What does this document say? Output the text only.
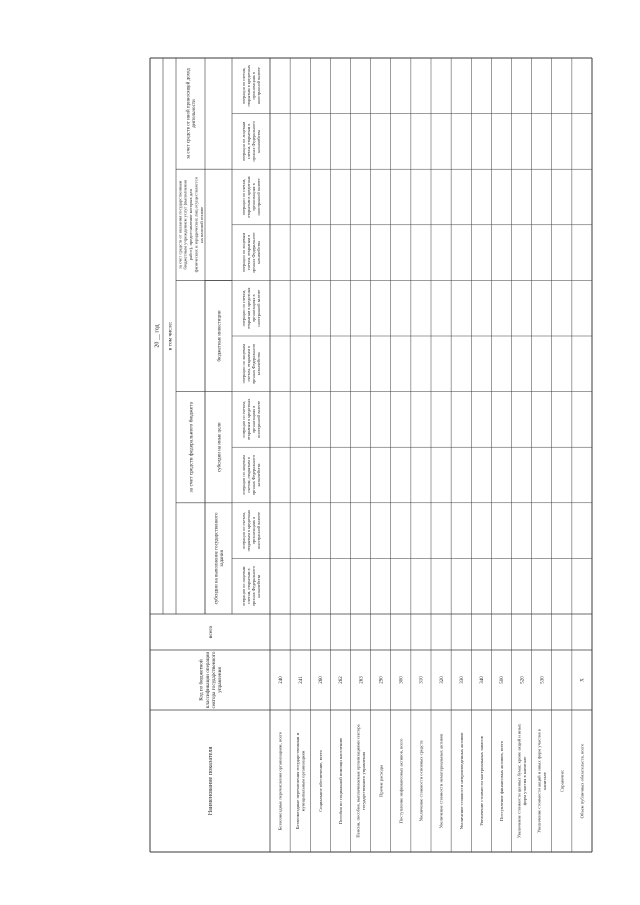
Наименование показателя
Код по бюджетнойклассификации операциисектора государственногоуправления
всего
20 __ год в том числе:
за счет средств от иной приносящей доходдеятельности
за счет средств от оказания государственнымбюджетным учреждением услуг (выполненияработ), предоставление которых дляфизических и юридических лиц осуществляетсяна платной основе
за счет средств федерального бюджета
бюджетные инвестиции
субсидии на иные цели
субсидии на выполнение государственногозадания
операции по счетам,открытым в кредитныхорганизациях виностранной валюте
операции по лицевымсчетам, открытым ворганах Федеральногоказначейства
операции по счетам,открытым в кредитныхорганизациях виностранной валюте
операции по лицевымсчетам, открытым ворганах Федеральногоказначейства
операции по счетам,открытым в кредитныхорганизациях виностранной валюте
операции по лицевымсчетам, открытым ворганах Федеральногоказначейства
операции по счетам,открытым в кредитныхорганизациях виностранной валюте
операции по лицевымсчетам, открытым ворганах Федеральногоказначейства
операции по счетам,открытым в кредитныхорганизациях виностранной валюте
операции по лицевымсчетам, открытым ворганах Федеральногоказначейства
Безвозмездные перечисления организациям, всего
240
Безвозмездные перечисления государственным имуниципальным организациям
241
Социальное обеспечение, всего
260
Пособия по социальной помощи населению
262
Пенсии, пособия, выплачиваемые организациями секторагосударственного управления
263
Прочие расходы
290
Поступление нефинансовых активов, всего
300
Увеличение стоимости основных средств
310
Увеличение стоимости нематериальных активов
320
Увеличение стоимости непроизведенных активов
330
Увеличение стоимости материальных запасов
340
Поступление финансовых активов, всего
500
Увеличение стоимости ценных бумаг, кроме акций и иныхформ участия в капитале
520
Увеличение стоимости акций и иных форм участия вкапитале
530
Справочно:	Объем публичных обязательств, всего
X
